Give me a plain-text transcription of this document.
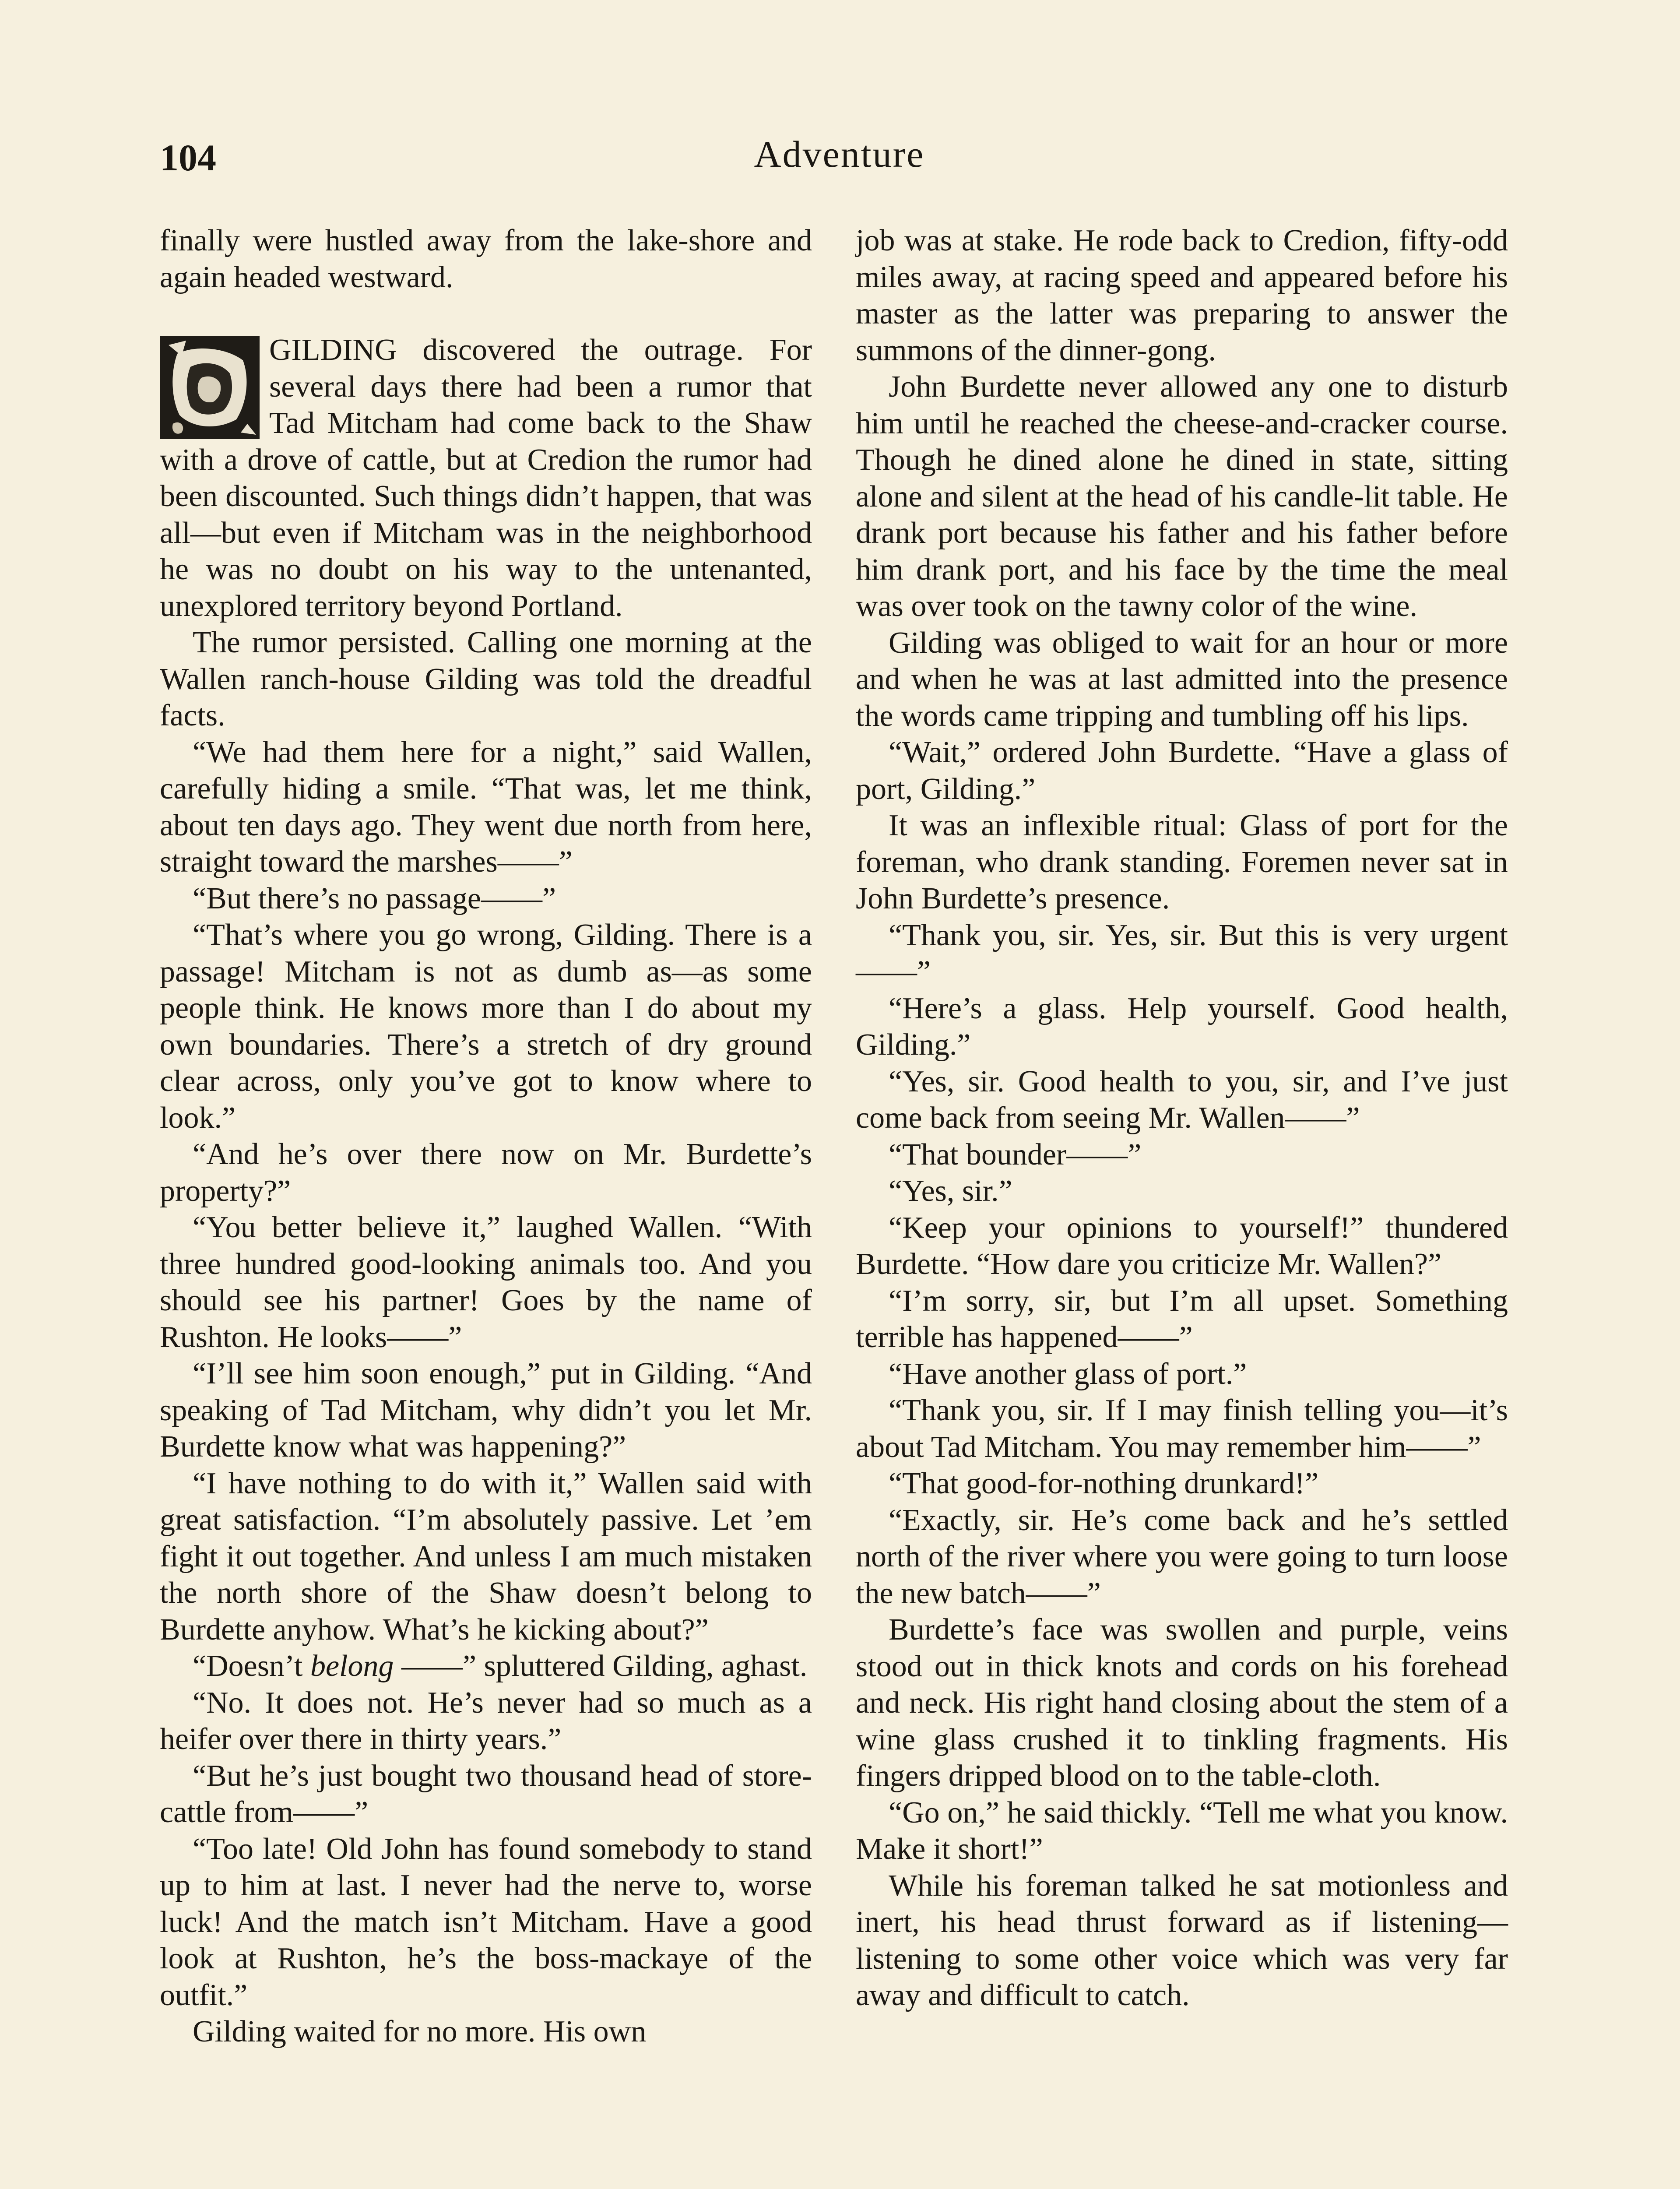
104	Adventure

finally were hustled away from the lake-shore and again headed westward.

GILDING discovered the outrage. For several days there had been a rumor that Tad Mitcham had come back to the Shaw with a drove of cattle, but at Credion the rumor had been discounted. Such things didn’t happen, that was all—but even if Mitcham was in the neighborhood he was no doubt on his way to the untenanted, unexplored territory beyond Portland.

The rumor persisted. Calling one morning at the Wallen ranch-house Gilding was told the dreadful facts.

“We had them here for a night,” said Wallen, carefully hiding a smile. “That was, let me think, about ten days ago. They went due north from here, straight toward the marshes——”

“But there’s no passage——”

“That’s where you go wrong, Gilding. There is a passage! Mitcham is not as dumb as—as some people think. He knows more than I do about my own boundaries. There’s a stretch of dry ground clear across, only you’ve got to know where to look.”

“And he’s over there now on Mr. Burdette’s property?”

“You better believe it,” laughed Wallen. “With three hundred good-looking animals too. And you should see his partner! Goes by the name of Rushton. He looks——”

“I’ll see him soon enough,” put in Gilding. “And speaking of Tad Mitcham, why didn’t you let Mr. Burdette know what was happening?”

“I have nothing to do with it,” Wallen said with great satisfaction. “I’m absolutely passive. Let ’em fight it out together. And unless I am much mistaken the north shore of the Shaw doesn’t belong to Burdette anyhow. What’s he kicking about?”

“Doesn’t belong ——” spluttered Gilding, aghast.

“No. It does not. He’s never had so much as a heifer over there in thirty years.”

“But he’s just bought two thousand head of store-cattle from——”

“Too late! Old John has found somebody to stand up to him at last. I never had the nerve to, worse luck! And the match isn’t Mitcham. Have a good look at Rushton, he’s the boss-mackaye of the outfit.”

Gilding waited for no more. His own

job was at stake. He rode back to Credion, fifty-odd miles away, at racing speed and appeared before his master as the latter was preparing to answer the summons of the dinner-gong.

John Burdette never allowed any one to disturb him until he reached the cheese-and-cracker course. Though he dined alone he dined in state, sitting alone and silent at the head of his candle-lit table. He drank port because his father and his father before him drank port, and his face by the time the meal was over took on the tawny color of the wine.

Gilding was obliged to wait for an hour or more and when he was at last admitted into the presence the words came tripping and tumbling off his lips.

“Wait,” ordered John Burdette. “Have a glass of port, Gilding.”

It was an inflexible ritual: Glass of port for the foreman, who drank standing. Foremen never sat in John Burdette’s presence.

“Thank you, sir. Yes, sir. But this is very urgent——”

“Here’s a glass. Help yourself. Good health, Gilding.”

“Yes, sir. Good health to you, sir, and I’ve just come back from seeing Mr. Wallen——”

“That bounder——”

“Yes, sir.”

“Keep your opinions to yourself!” thundered Burdette. “How dare you criticize Mr. Wallen?”

“I’m sorry, sir, but I’m all upset. Something terrible has happened——”

“Have another glass of port.”

“Thank you, sir. If I may finish telling you—it’s about Tad Mitcham. You may remember him——”

“That good-for-nothing drunkard!”

“Exactly, sir. He’s come back and he’s settled north of the river where you were going to turn loose the new batch——”

Burdette’s face was swollen and purple, veins stood out in thick knots and cords on his forehead and neck. His right hand closing about the stem of a wine glass crushed it to tinkling fragments. His fingers dripped blood on to the table-cloth.

“Go on,” he said thickly. “Tell me what you know. Make it short!”

While his foreman talked he sat motionless and inert, his head thrust forward as if listening—listening to some other voice which was very far away and difficult to catch.
